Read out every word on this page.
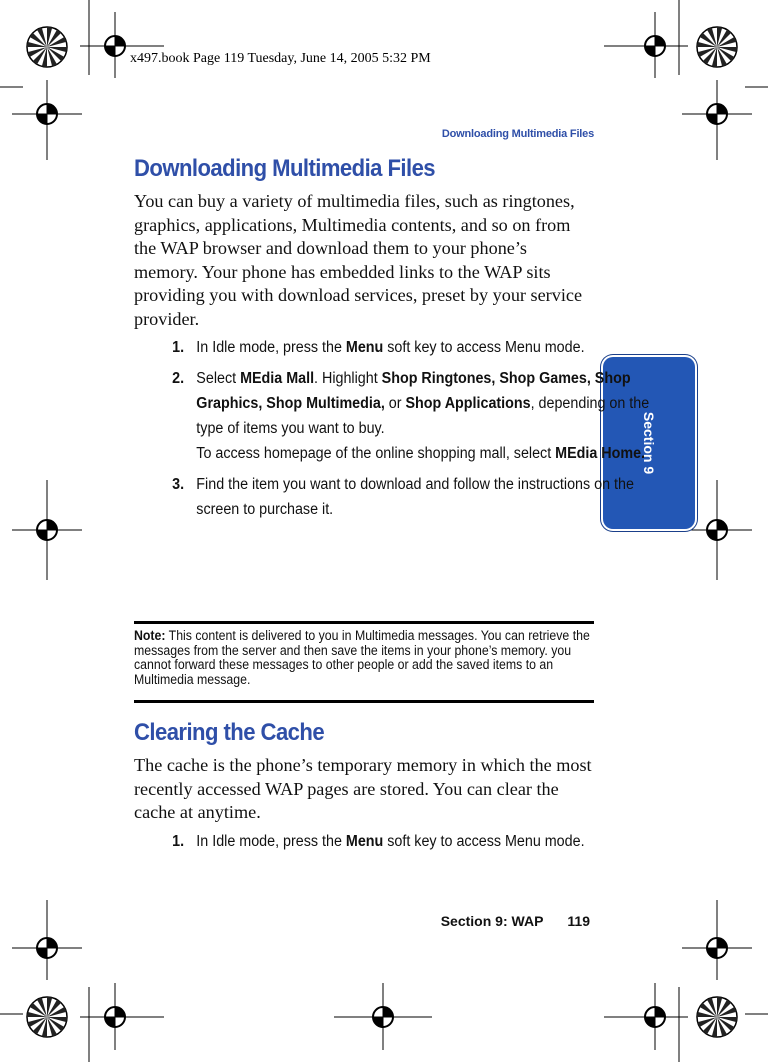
x497.book Page 119 Tuesday, June 14, 2005 5:32 PM
Downloading Multimedia Files
Section 9
Downloading Multimedia Files

You can buy a variety of multimedia files, such as ringtones, graphics, applications, Multimedia contents, and so on from the WAP browser and download them to your phone’s memory. Your phone has embedded links to the WAP sits providing you with download services, preset by your service provider.

1. In Idle mode, press the Menu soft key to access Menu mode.
2. Select MEdia Mall. Highlight Shop Ringtones, Shop Games, Shop Graphics, Shop Multimedia, or Shop Applications, depending on the type of items you want to buy.
To access homepage of the online shopping mall, select MEdia Home.
3. Find the item you want to download and follow the instructions on the screen to purchase it.
Note: This content is delivered to you in Multimedia messages. You can retrieve the messages from the server and then save the items in your phone’s memory. you cannot forward these messages to other people or add the saved items to an Multimedia message.
Clearing the Cache

The cache is the phone’s temporary memory in which the most recently accessed WAP pages are stored. You can clear the cache at anytime.

1. In Idle mode, press the Menu soft key to access Menu mode.
Section 9: WAP 119
